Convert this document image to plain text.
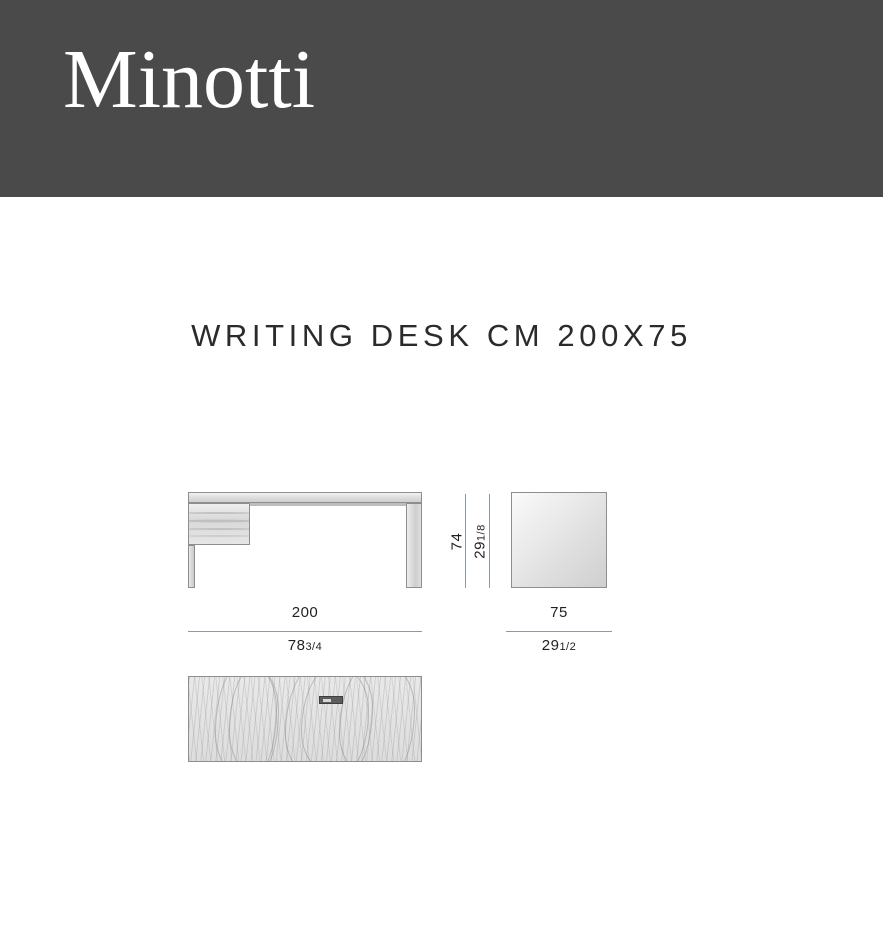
Minotti
WRITING DESK CM 200X75
74 291/8
200
783/4
75
291/2
